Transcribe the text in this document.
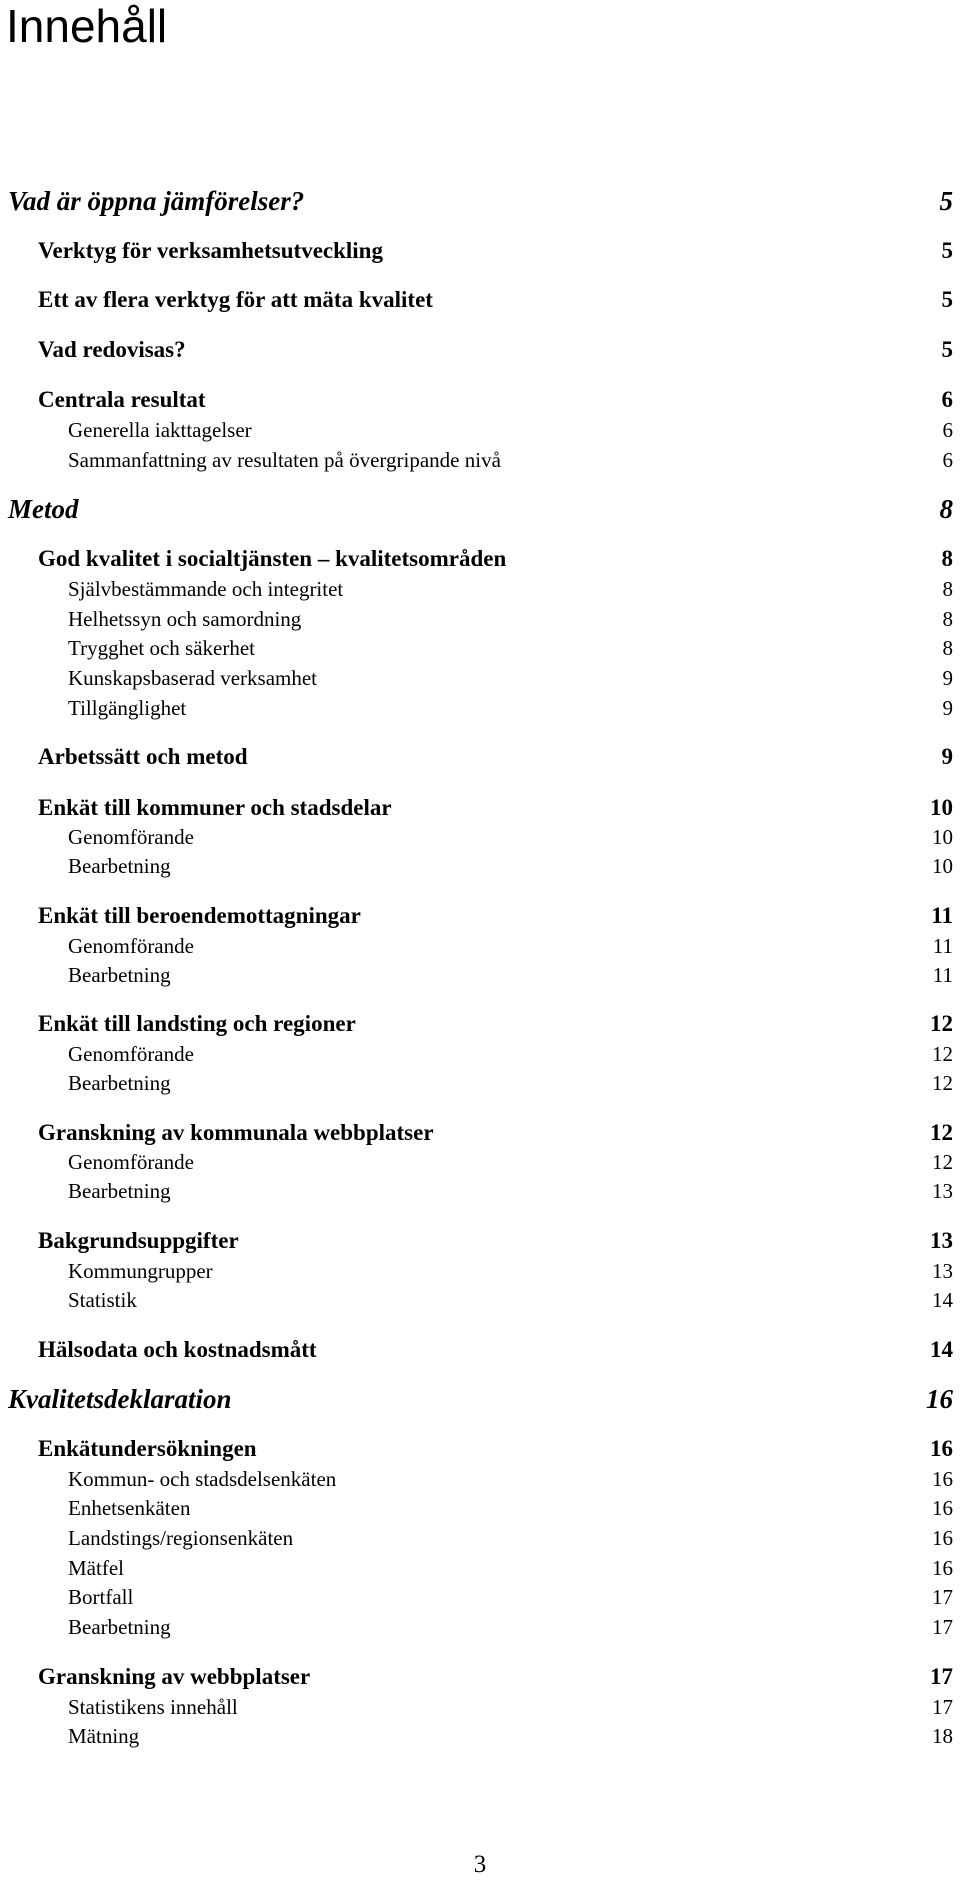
Innehåll
Vad är öppna jämförelser?	5
Verktyg för verksamhetsutveckling	5
Ett av flera verktyg för att mäta kvalitet	5
Vad redovisas?	5
Centrala resultat	6
Generella iakttagelser	6
Sammanfattning av resultaten på övergripande nivå	6
Metod	8
God kvalitet i socialtjänsten – kvalitetsområden	8
Självbestämmande och integritet	8
Helhetssyn och samordning	8
Trygghet och säkerhet	8
Kunskapsbaserad verksamhet	9
Tillgänglighet	9
Arbetssätt och metod	9
Enkät till kommuner och stadsdelar	10
Genomförande	10
Bearbetning	10
Enkät till beroendemottagningar	11
Genomförande	11
Bearbetning	11
Enkät till landsting och regioner	12
Genomförande	12
Bearbetning	12
Granskning av kommunala webbplatser	12
Genomförande	12
Bearbetning	13
Bakgrundsuppgifter	13
Kommungrupper	13
Statistik	14
Hälsodata och kostnadsmått	14
Kvalitetsdeklaration	16
Enkätundersökningen	16
Kommun- och stadsdelsenkäten	16
Enhetsenkäten	16
Landstings/regionsenkäten	16
Mätfel	16
Bortfall	17
Bearbetning	17
Granskning av webbplatser	17
Statistikens innehåll	17
Mätning	18
3
